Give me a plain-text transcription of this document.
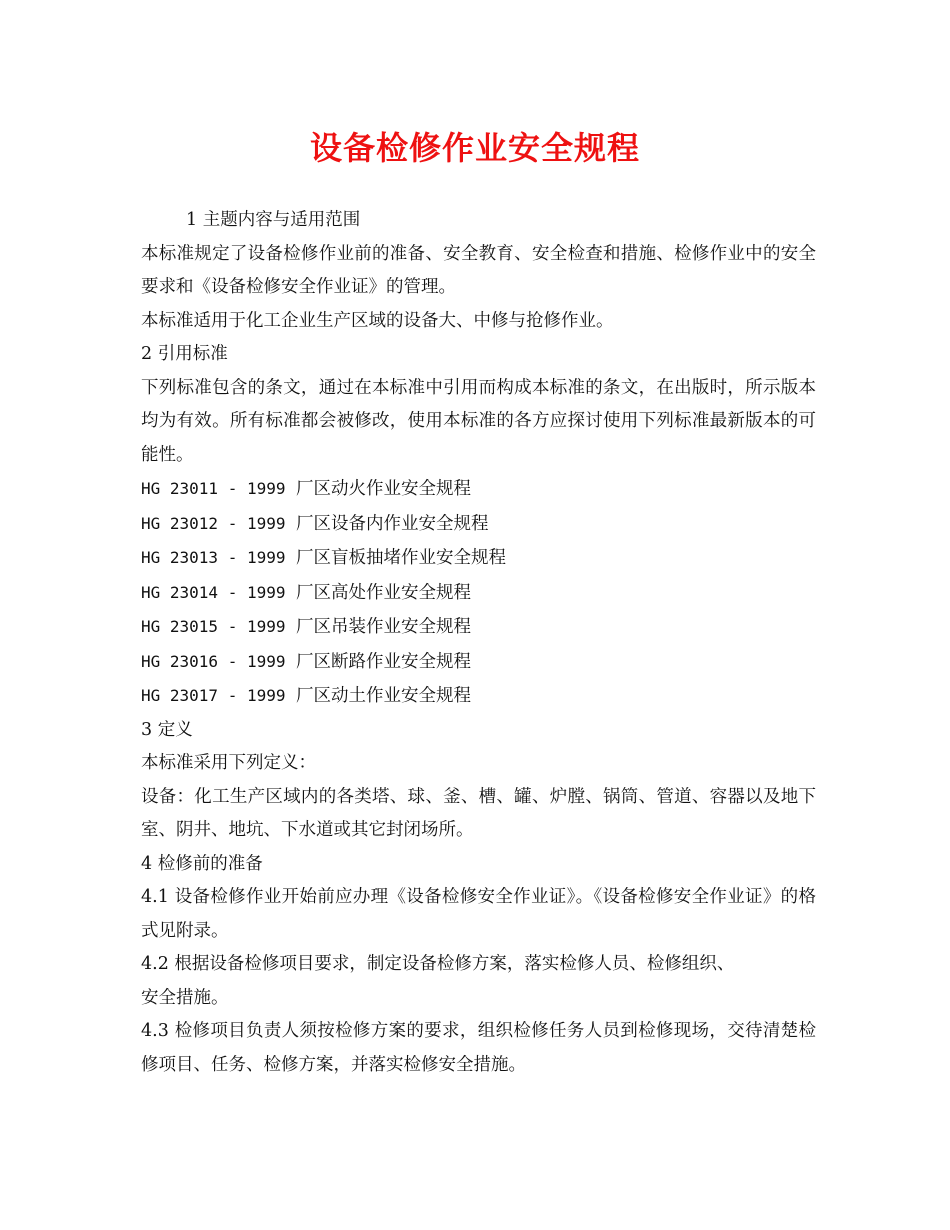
设备检修作业安全规程

1 主题内容与适用范围

本标准规定了设备检修作业前的准备、安全教育、安全检查和措施、检修作业中的安全要求和《设备检修安全作业证》的管理。

本标准适用于化工企业生产区域的设备大、中修与抢修作业。

2 引用标准

下列标准包含的条文，通过在本标准中引用而构成本标准的条文，在出版时，所示版本均为有效。所有标准都会被修改，使用本标准的各方应探讨使用下列标准最新版本的可能性。

HG 23011 - 1999 厂区动火作业安全规程

HG 23012 - 1999 厂区设备内作业安全规程

HG 23013 - 1999 厂区盲板抽堵作业安全规程

HG 23014 - 1999 厂区高处作业安全规程

HG 23015 - 1999 厂区吊装作业安全规程

HG 23016 - 1999 厂区断路作业安全规程

HG 23017 - 1999 厂区动土作业安全规程

3 定义

本标准采用下列定义：

设备：化工生产区域内的各类塔、球、釜、槽、罐、炉膛、锅筒、管道、容器以及地下室、阴井、地坑、下水道或其它封闭场所。

4 检修前的准备

4.1 设备检修作业开始前应办理《设备检修安全作业证》。《设备检修安全作业证》的格式见附录。

4.2 根据设备检修项目要求，制定设备检修方案，落实检修人员、检修组织、

安全措施。

4.3 检修项目负责人须按检修方案的要求，组织检修任务人员到检修现场，交待清楚检修项目、任务、检修方案，并落实检修安全措施。
